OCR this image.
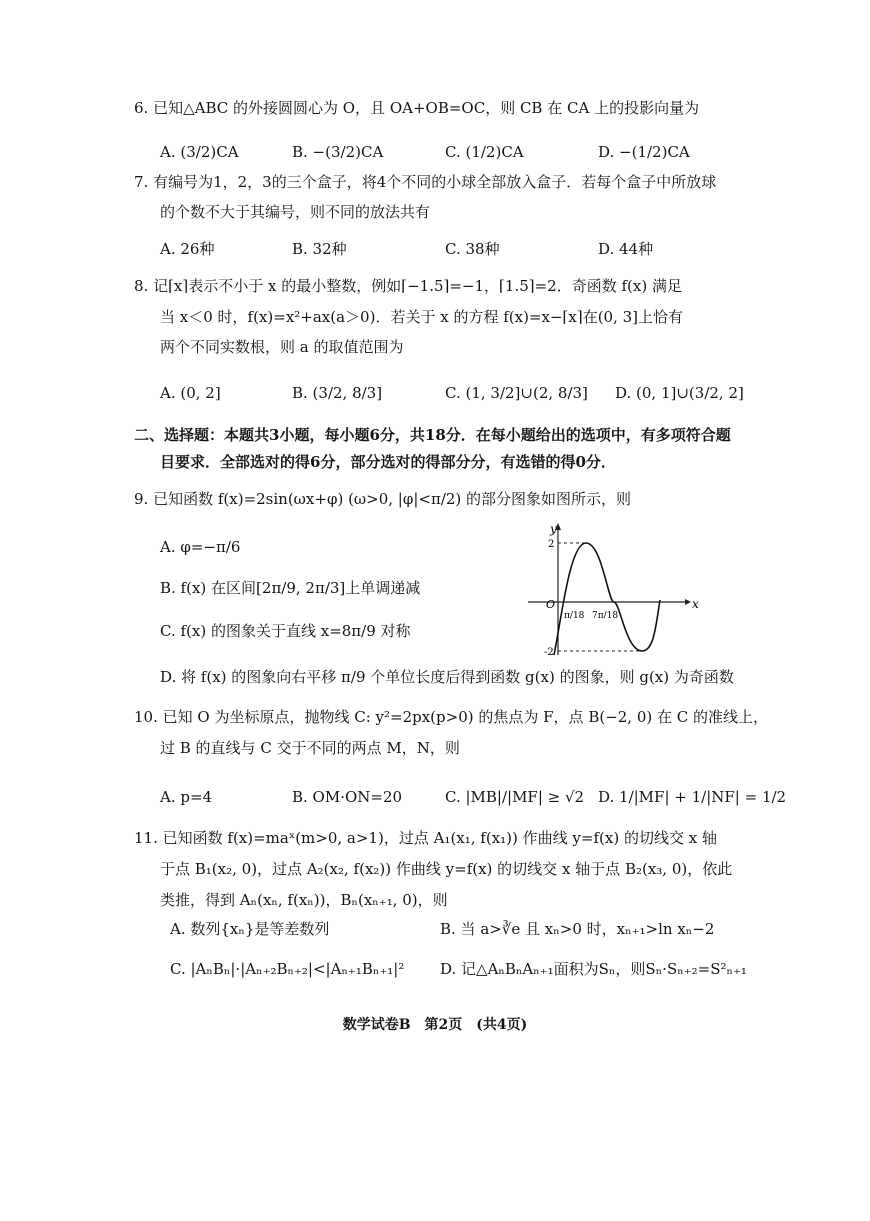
6. 已知△ABC 的外接圆圆心为 O，且 OA+OB=OC，则 CB 在 CA 上的投影向量为
A. (3/2)CA	B. −(3/2)CA	C. (1/2)CA	D. −(1/2)CA
7. 有编号为1，2，3的三个盒子，将4个不同的小球全部放入盒子．若每个盒子中所放球
的个数不大于其编号，则不同的放法共有
A. 26种	B. 32种	C. 38种	D. 44种
8. 记⌈x⌉表示不小于 x 的最小整数，例如⌈−1.5⌉=−1，⌈1.5⌉=2．奇函数 f(x) 满足
当 x＜0 时，f(x)=x²+ax(a＞0)．若关于 x 的方程 f(x)=x−⌈x⌉在(0, 3]上恰有
两个不同实数根，则 a 的取值范围为
A. (0, 2]	B. (3/2, 8/3]	C. (1, 3/2]∪(2, 8/3] D. (0, 1]∪(3/2, 2]
二、选择题：本题共3小题，每小题6分，共18分．在每小题给出的选项中，有多项符合题
目要求．全部选对的得6分，部分选对的得部分分，有选错的得0分．
9. 已知函数 f(x)=2sin(ωx+φ) (ω>0, |φ|<π/2) 的部分图象如图所示，则
A. φ=−π/6
B. f(x) 在区间[2π/9, 2π/3]上单调递减
C. f(x) 的图象关于直线 x=8π/9 对称
D. 将 f(x) 的图象向右平移 π/9 个单位长度后得到函数 g(x) 的图象，则 g(x) 为奇函数
y
x
O
2
-2
π/18 7π/18
10. 已知 O 为坐标原点，抛物线 C: y²=2px(p>0) 的焦点为 F，点 B(−2, 0) 在 C 的准线上，
过 B 的直线与 C 交于不同的两点 M，N，则
A. p=4	B. OM·ON=20	C. |MB|/|MF| ≥ √2 D. 1/|MF| + 1/|NF| = 1/2
11. 已知函数 f(x)=maˣ(m>0, a>1)，过点 A₁(x₁, f(x₁)) 作曲线 y=f(x) 的切线交 x 轴
于点 B₁(x₂, 0)，过点 A₂(x₂, f(x₂)) 作曲线 y=f(x) 的切线交 x 轴于点 B₂(x₃, 0)，依此
类推，得到 Aₙ(xₙ, f(xₙ))，Bₙ(xₙ₊₁, 0)，则
A. 数列{xₙ}是等差数列	B. 当 a>∛e 且 xₙ>0 时，xₙ₊₁>ln xₙ−2
C. |AₙBₙ|·|Aₙ₊₂Bₙ₊₂|<|Aₙ₊₁Bₙ₊₁|² D. 记△AₙBₙAₙ₊₁面积为Sₙ，则Sₙ·Sₙ₊₂=S²ₙ₊₁
数学试卷B　第2页　(共4页)
